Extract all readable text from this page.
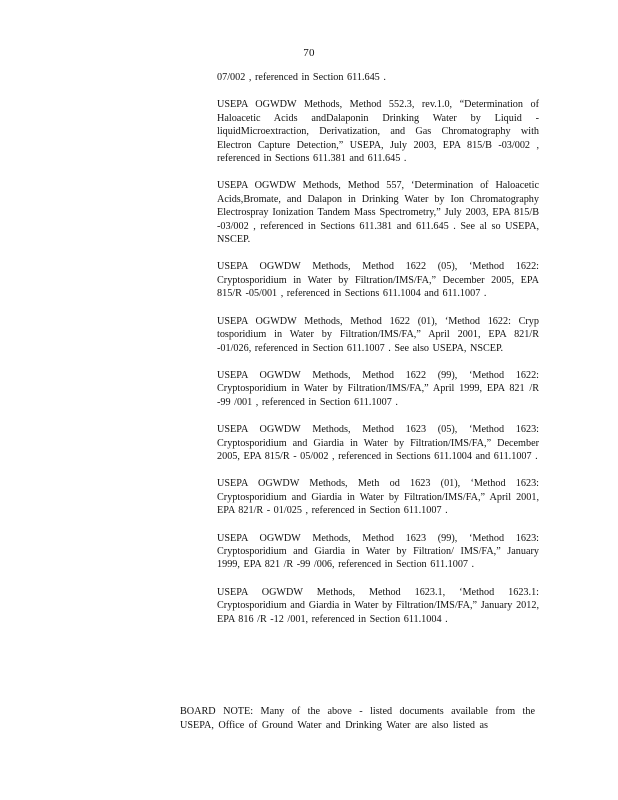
70

07/002 , referenced in Section 611.645 .

USEPA OGWDW Methods, Method 552.3, rev.1.0, “Determination of Haloacetic Acids andDalaponin Drinking Water by Liquid -liquidMicroextraction, Derivatization, and Gas Chromatography with Electron Capture Detection,” USEPA, July 2003, EPA 815/B -03/002 , referenced in Sections 611.381 and 611.645 .

USEPA OGWDW Methods, Method 557, ‘Determination of Haloacetic Acids,Bromate, and Dalapon in Drinking Water by Ion Chromatography Electrospray Ionization Tandem Mass Spectrometry,” July 2003, EPA 815/B -03/002 , referenced in Sections 611.381 and 611.645 . See al so USEPA, NSCEP.

USEPA OGWDW Methods, Method 1622 (05), ‘Method 1622: Cryptosporidium in Water by Filtration/IMS/FA,” December 2005, EPA 815/R -05/001 , referenced in Sections 611.1004 and 611.1007 .

USEPA OGWDW Methods, Method 1622 (01), ‘Method 1622: Cryp tosporidium in Water by Filtration/IMS/FA,” April 2001, EPA 821/R -01/026, referenced in Section 611.1007 . See also USEPA, NSCEP.

USEPA OGWDW Methods, Method 1622 (99), ‘Method 1622: Cryptosporidium in Water by Filtration/IMS/FA,” April 1999, EPA 821 /R -99 /001 , referenced in Section 611.1007 .

USEPA OGWDW Methods, Method 1623 (05), ‘Method 1623: Cryptosporidium and Giardia in Water by Filtration/IMS/FA,” December 2005, EPA 815/R - 05/002 , referenced in Sections 611.1004 and 611.1007 .

USEPA OGWDW Methods, Meth od 1623 (01), ‘Method 1623: Cryptosporidium and Giardia in Water by Filtration/IMS/FA,” April 2001, EPA 821/R - 01/025 , referenced in Section 611.1007 .

USEPA OGWDW Methods, Method 1623 (99), ‘Method 1623: Cryptosporidium and Giardia in Water by Filtration/ IMS/FA,” January 1999, EPA 821 /R -99 /006, referenced in Section 611.1007 .

USEPA OGWDW Methods, Method 1623.1, ‘Method 1623.1: Cryptosporidium and Giardia in Water by Filtration/IMS/FA,” January 2012, EPA 816 /R -12 /001, referenced in Section 611.1004 .

BOARD NOTE: Many of the above - listed documents available from the USEPA, Office of Ground Water and Drinking Water are also listed as
